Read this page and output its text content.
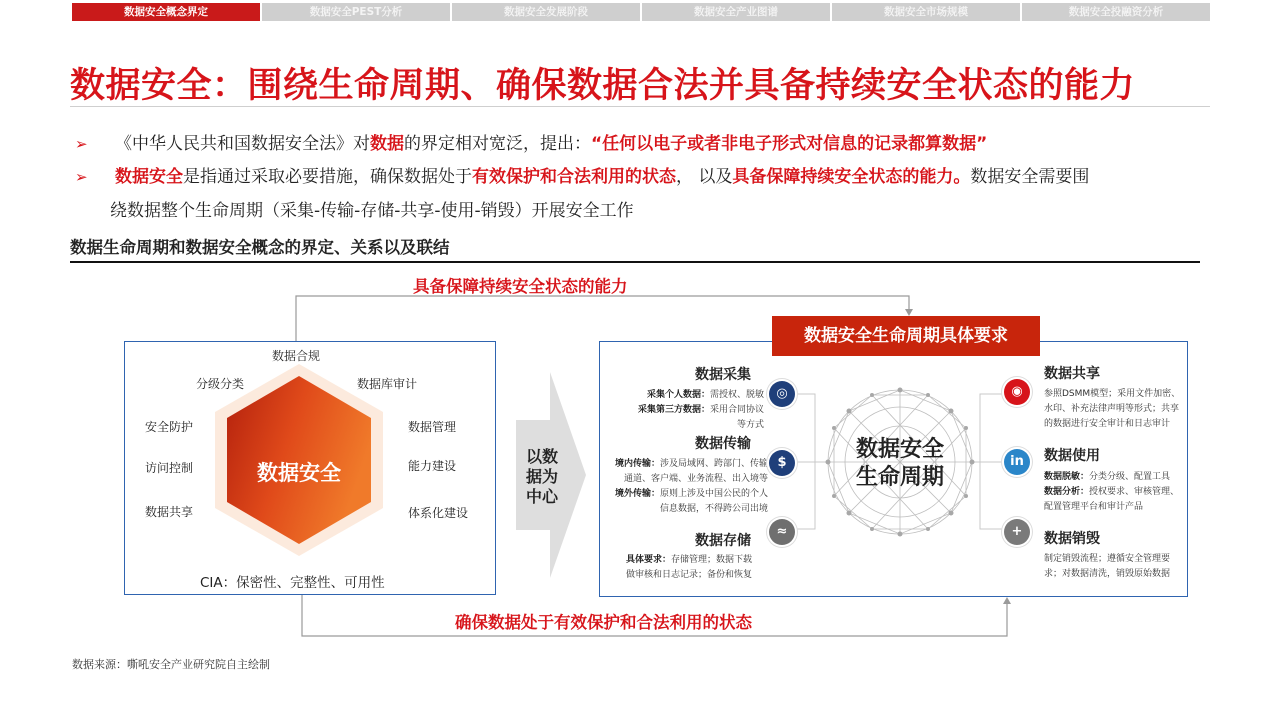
数据安全概念界定	数据安全PEST分析	数据安全发展阶段	数据安全产业图谱	数据安全市场规模	数据安全投融资分析
数据安全：围绕生命周期、确保数据合法并具备持续安全状态的能力
➢ 《中华人民共和国数据安全法》对数据的界定相对宽泛，提出：“任何以电子或者非电子形式对信息的记录都算数据”
➢ 数据安全是指通过采取必要措施，确保数据处于有效保护和合法利用的状态， 以及具备保障持续安全状态的能力。数据安全需要围
绕数据整个生命周期（采集-传输-存储-共享-使用-销毁）开展安全工作
数据生命周期和数据安全概念的界定、关系以及联结
具备保障持续安全状态的能力
确保数据处于有效保护和合法利用的状态
数据安全
数据合规
分级分类	数据库审计
安全防护	数据管理
访问控制	能力建设
数据共享	体系化建设
CIA：保密性、完整性、可用性
以数
据为
中心
数据安全
生命周期
数据采集
采集个人数据：需授权、脱敏
采集第三方数据：采用合同协议等方式
数据传输
境内传输：涉及局域网、跨部门、传输
通道、客户端、业务流程、出入境等
境外传输：原则上涉及中国公民的个人
信息数据，不得跨公司出境
数据存储
具体要求：存储管理；数据下载
做审核和日志记录；备份和恢复
◎
$
≈
◉
in
+
数据共享
参照DSMM模型；采用文件加密、
水印、补充法律声明等形式；共享
的数据进行安全审计和日志审计
数据使用
数据脱敏：分类分级、配置工具
数据分析：授权要求、审核管理、
配置管理平台和审计产品
数据销毁
制定销毁流程；遵循安全管理要
求；对数据清洗，销毁原始数据
数据安全生命周期具体要求
数据来源：嘶吼安全产业研究院自主绘制
